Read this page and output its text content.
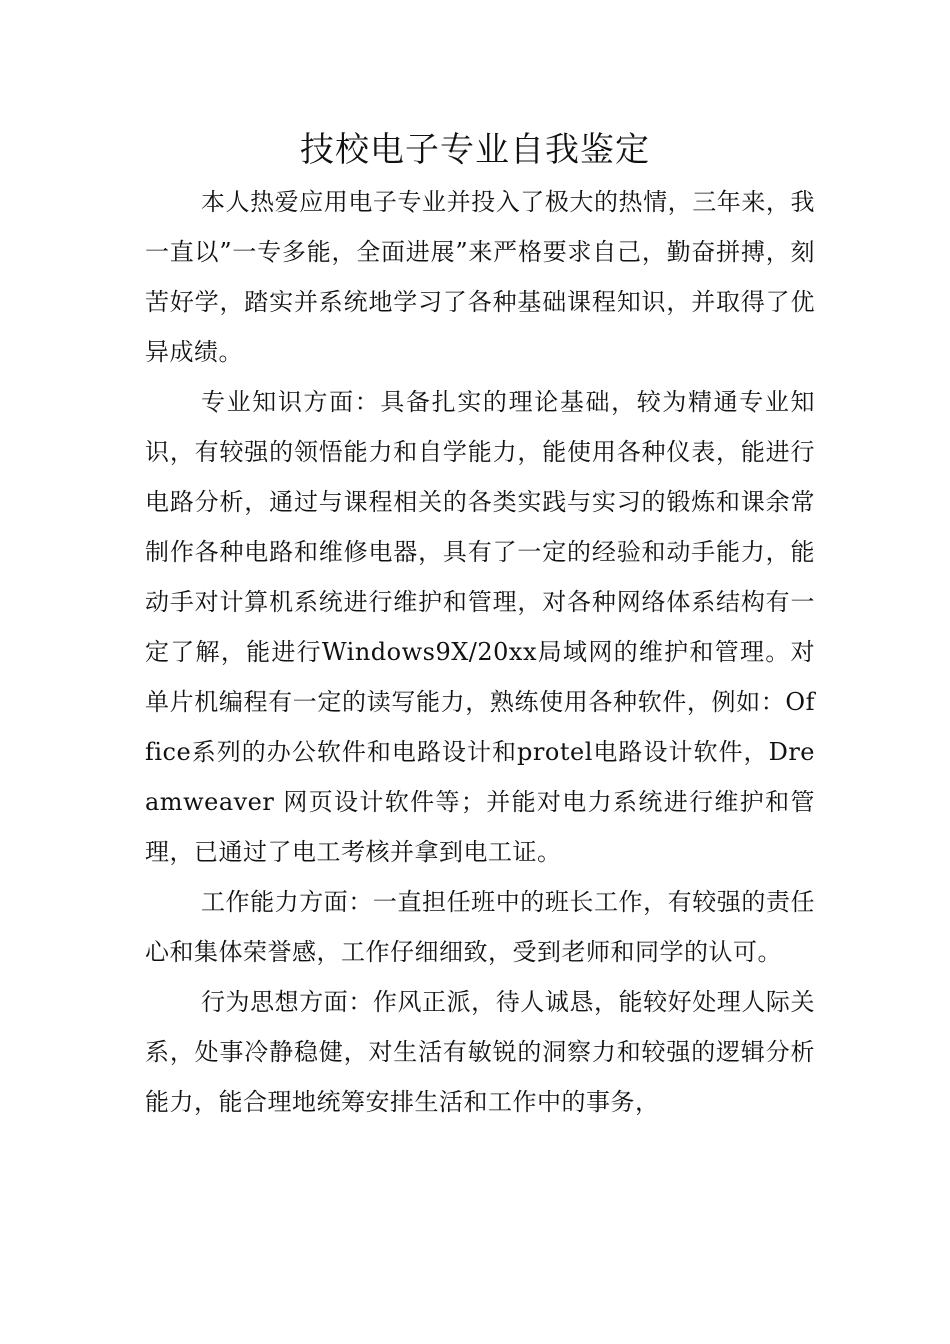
技校电子专业自我鉴定

本人热爱应用电子专业并投入了极大的热情，三年来，我一直以”一专多能，全面进展”来严格要求自己，勤奋拼搏，刻苦好学，踏实并系统地学习了各种基础课程知识，并取得了优异成绩。

专业知识方面：具备扎实的理论基础，较为精通专业知识，有较强的领悟能力和自学能力，能使用各种仪表，能进行电路分析，通过与课程相关的各类实践与实习的锻炼和课余常制作各种电路和维修电器，具有了一定的经验和动手能力，能动手对计算机系统进行维护和管理，对各种网络体系结构有一定了解，能进行Windows9X/20xx局域网的维护和管理。对单片机编程有一定的读写能力，熟练使用各种软件，例如：Office系列的办公软件和电路设计和protel电路设计软件，Dreamweaver 网页设计软件等；并能对电力系统进行维护和管理，已通过了电工考核并拿到电工证。

工作能力方面：一直担任班中的班长工作，有较强的责任心和集体荣誉感，工作仔细细致，受到老师和同学的认可。

行为思想方面：作风正派，待人诚恳，能较好处理人际关系，处事冷静稳健，对生活有敏锐的洞察力和较强的逻辑分析能力，能合理地统筹安排生活和工作中的事务，
